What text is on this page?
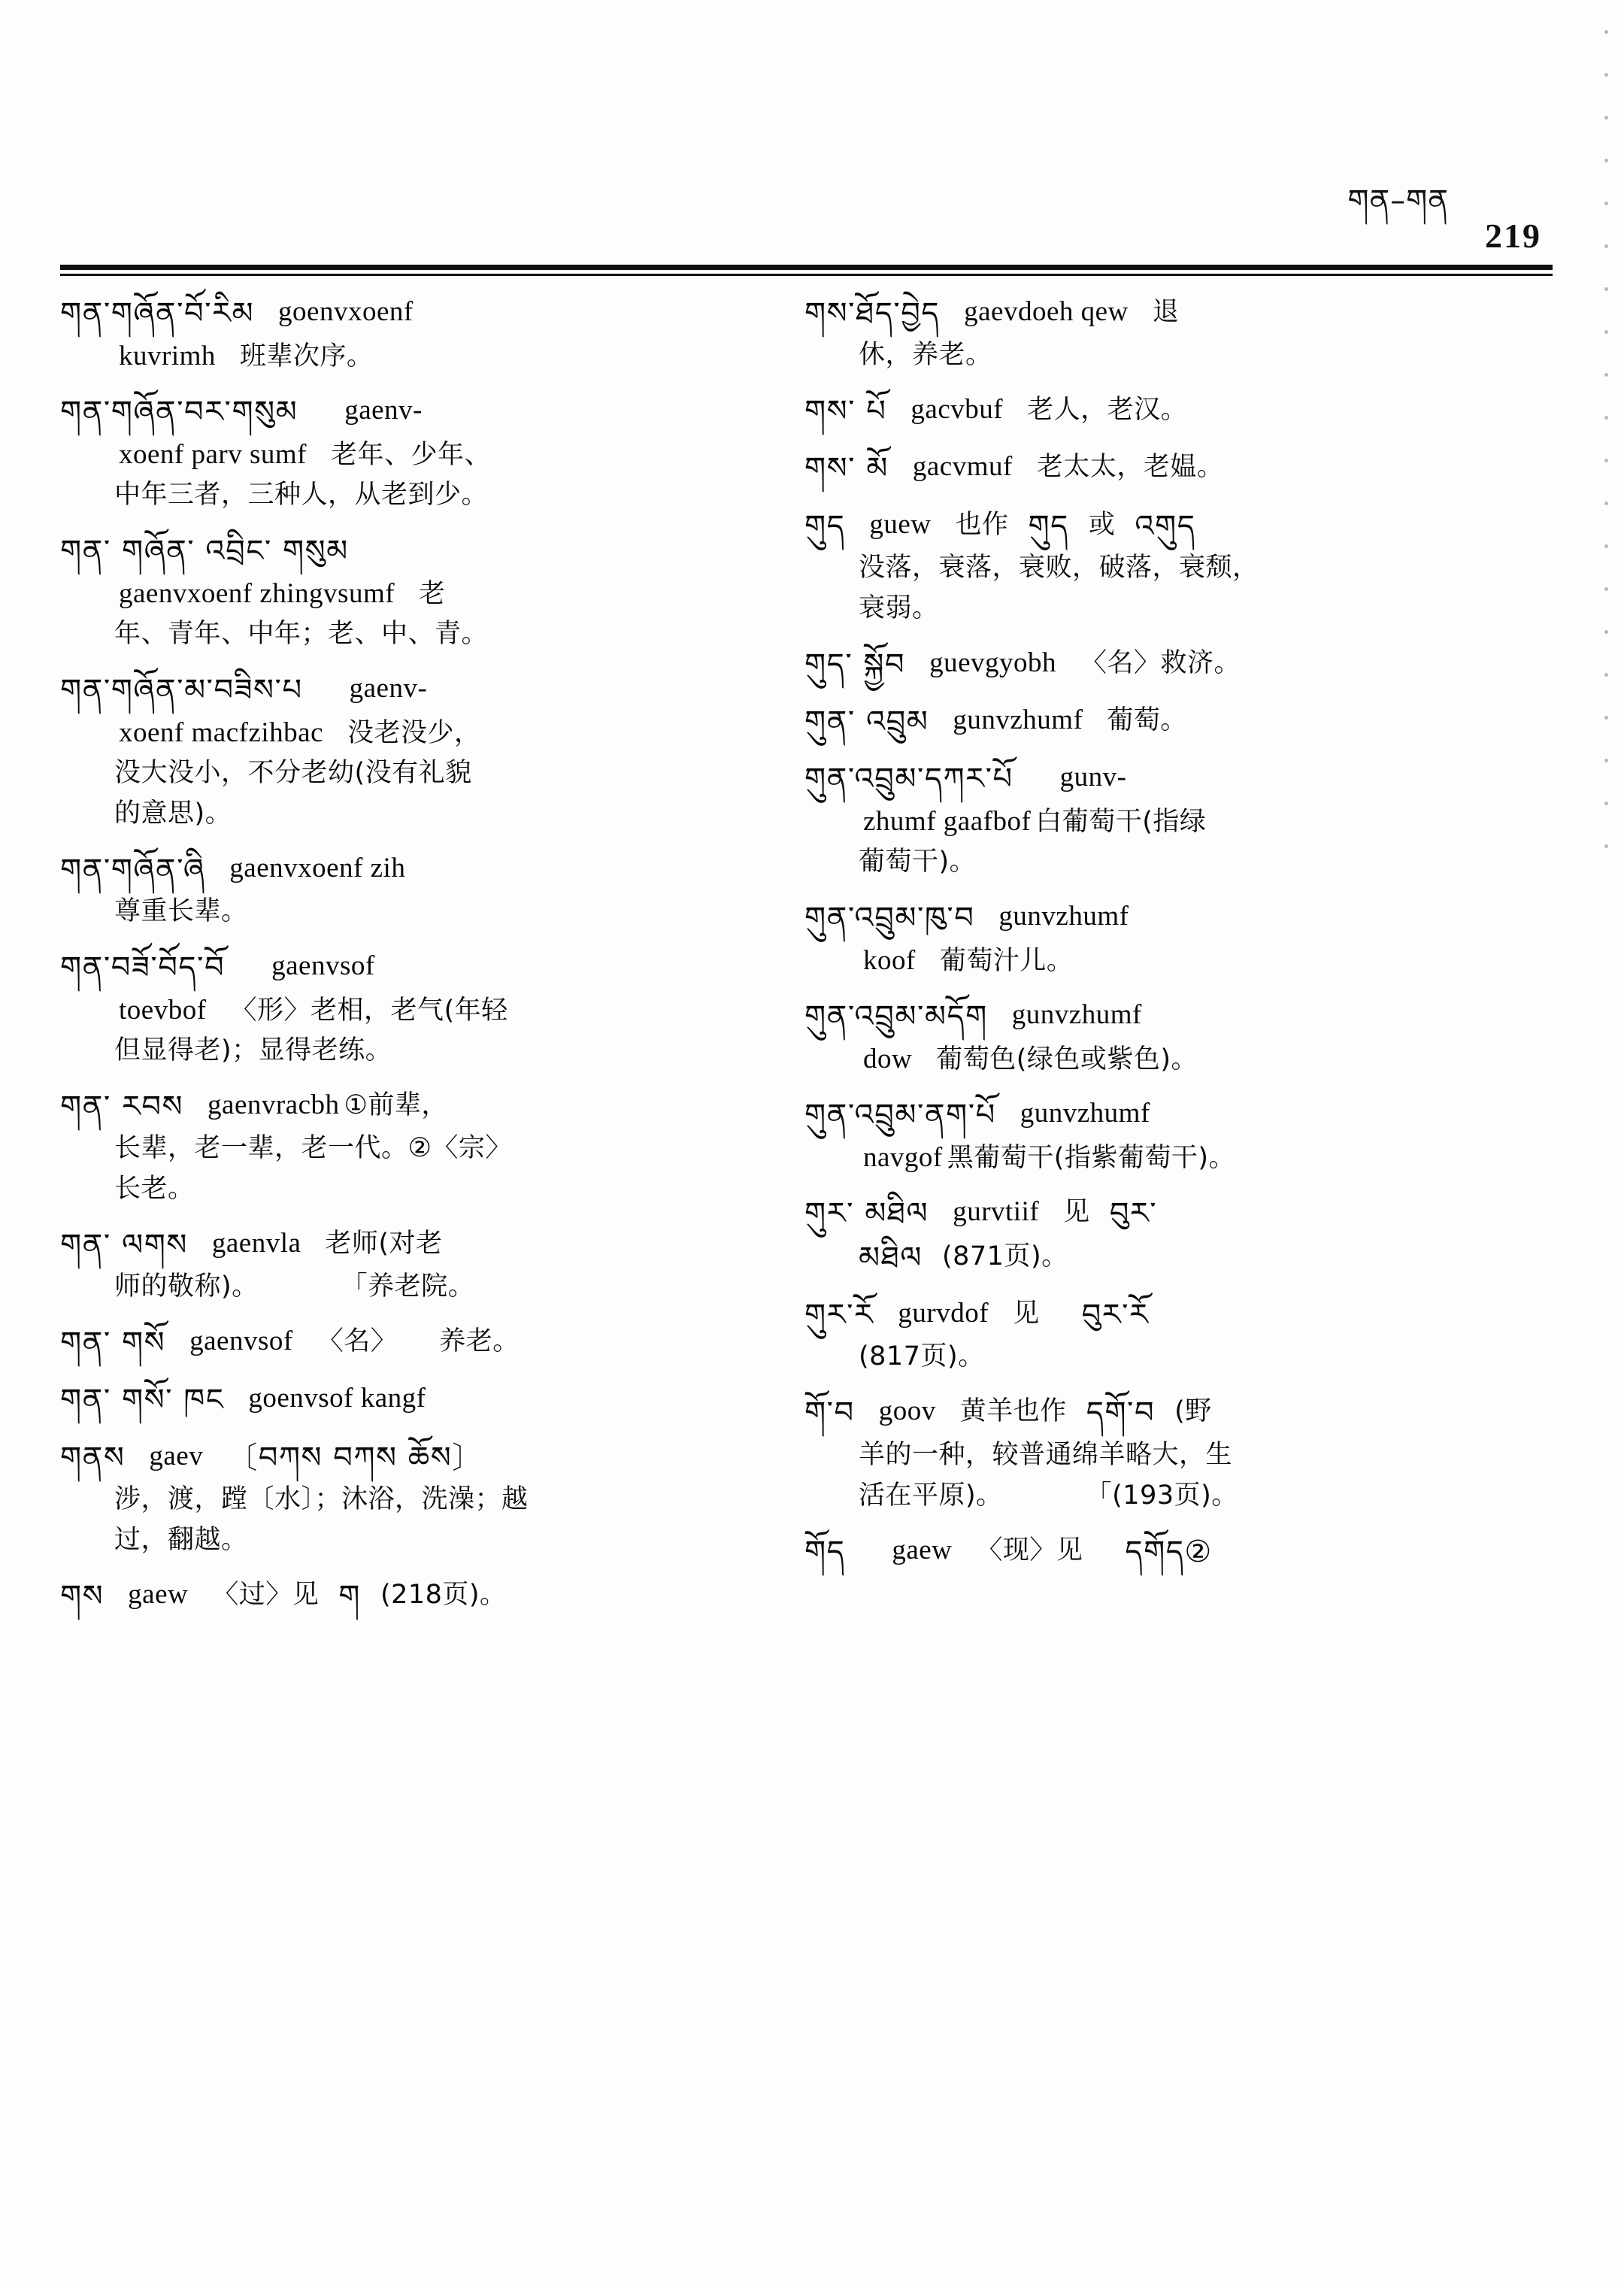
གན–གན
219
གན་གཞོན་བོ་རིམ goenvxoenf
kuvrimh 班辈次序。
གན་གཞོན་བར་གསུམ gaenv-
xoenf parv sumf 老年、少年、
中年三者，三种人，从老到少。
གན་ གཞོན་ འབྲིང་ གསུམ
gaenvxoenf zhingvsumf 老
年、青年、中年；老、中、青。
གན་གཞོན་མ་བཟིས་པ gaenv-
xoenf macfzihbac 没老没少，
没大没小，不分老幼(没有礼貌
的意思)。
གན་གཞོན་ཞི gaenvxoenf zih
尊重长辈。
གན་བཟོ་བོད་བོ gaenvsof
toevbof 〈形〉老相，老气(年轻
但显得老)；显得老练。
གན་ རབས gaenvracbh ①前辈，
长辈，老一辈，老一代。②〈宗〉
长老。
གན་ ལགས gaenvla 老师(对老
师的敬称)。	「养老院。
གན་ གསོ gaenvsof 〈名〉 养老。
གན་ གསོ་ ཁང goenvsof kangf
གནས gaev 〔བཀས བཀས ཆོས〕
涉，渡，蹚〔水〕；沐浴，洗澡；越
过，翻越。
གས gaew 〈过〉见 ག (218页)。
གས་ཐོད་བྱེད gaevdoeh qew 退
休，养老。
གས་ པོ gacvbuf 老人，老汉。
གས་ མོ gacvmuf 老太太，老媪。
གུད guew 也作 གུད 或 འགུད
没落，衰落，衰败，破落，衰颓，
衰弱。
གུད་ སྐྱོབ guevgyobh 〈名〉救济。
གུན་ འབྲུམ gunvzhumf 葡萄。
གུན་འབྲུམ་དཀར་པོ gunv-
zhumf gaafbof 白葡萄干(指绿
葡萄干)。
གུན་འབྲུམ་ཁུ་བ gunvzhumf
koof 葡萄汁儿。
གུན་འབྲུམ་མདོག gunvzhumf
dow 葡萄色(绿色或紫色)。
གུན་འབྲུམ་ནག་པོ gunvzhumf
navgof 黑葡萄干(指紫葡萄干)。
གུར་ མཐིལ gurvtiif 见 བུར་
མཐིལ (871页)。
གུར་རོ gurvdof 见 བུར་རོ
(817页)。
གོ་བ goov 黄羊也作 དགོ་བ (野
羊的一种，较普通绵羊略大，生
活在平原)。	「(193页)。
གོད gaew 〈现〉见 དགོད②
